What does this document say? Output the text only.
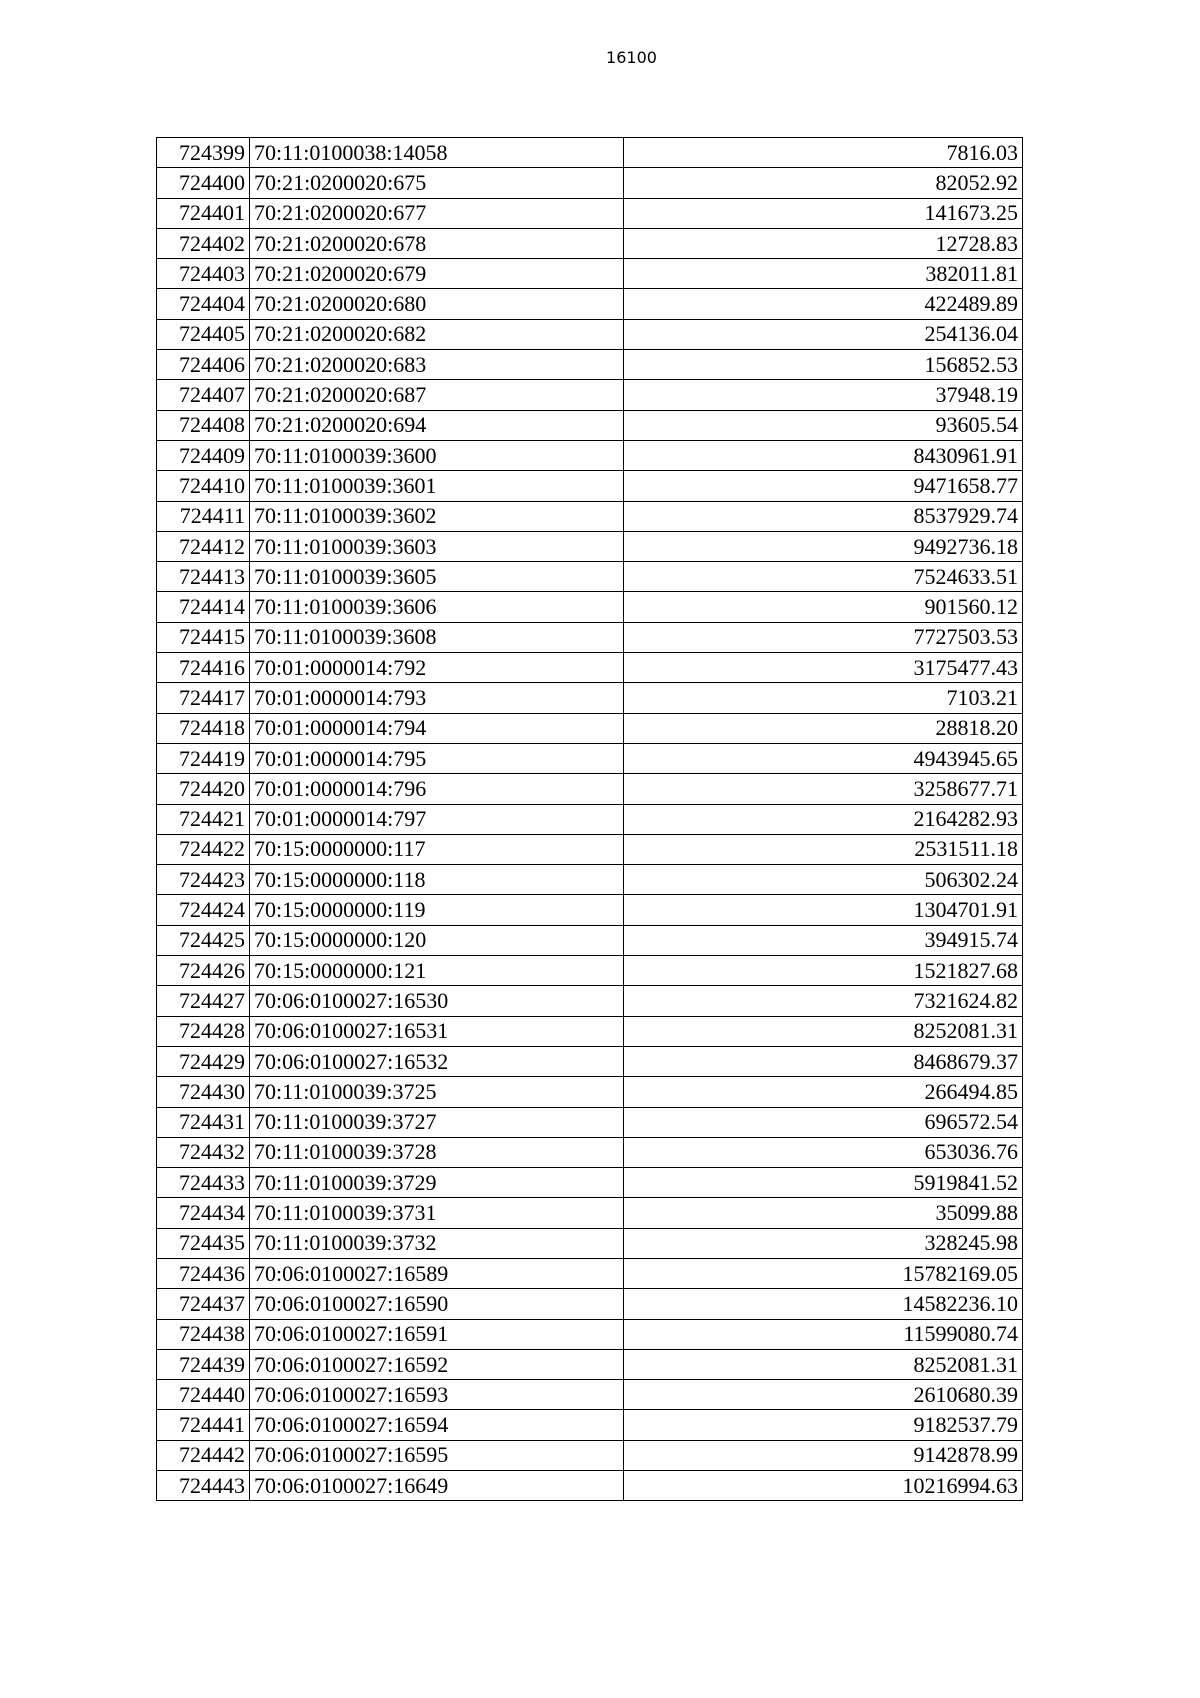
16100
724399	70:11:0100038:14058	7816.03
724400	70:21:0200020:675	82052.92
724401	70:21:0200020:677	141673.25
724402	70:21:0200020:678	12728.83
724403	70:21:0200020:679	382011.81
724404	70:21:0200020:680	422489.89
724405	70:21:0200020:682	254136.04
724406	70:21:0200020:683	156852.53
724407	70:21:0200020:687	37948.19
724408	70:21:0200020:694	93605.54
724409	70:11:0100039:3600	8430961.91
724410	70:11:0100039:3601	9471658.77
724411	70:11:0100039:3602	8537929.74
724412	70:11:0100039:3603	9492736.18
724413	70:11:0100039:3605	7524633.51
724414	70:11:0100039:3606	901560.12
724415	70:11:0100039:3608	7727503.53
724416	70:01:0000014:792	3175477.43
724417	70:01:0000014:793	7103.21
724418	70:01:0000014:794	28818.20
724419	70:01:0000014:795	4943945.65
724420	70:01:0000014:796	3258677.71
724421	70:01:0000014:797	2164282.93
724422	70:15:0000000:117	2531511.18
724423	70:15:0000000:118	506302.24
724424	70:15:0000000:119	1304701.91
724425	70:15:0000000:120	394915.74
724426	70:15:0000000:121	1521827.68
724427	70:06:0100027:16530	7321624.82
724428	70:06:0100027:16531	8252081.31
724429	70:06:0100027:16532	8468679.37
724430	70:11:0100039:3725	266494.85
724431	70:11:0100039:3727	696572.54
724432	70:11:0100039:3728	653036.76
724433	70:11:0100039:3729	5919841.52
724434	70:11:0100039:3731	35099.88
724435	70:11:0100039:3732	328245.98
724436	70:06:0100027:16589	15782169.05
724437	70:06:0100027:16590	14582236.10
724438	70:06:0100027:16591	11599080.74
724439	70:06:0100027:16592	8252081.31
724440	70:06:0100027:16593	2610680.39
724441	70:06:0100027:16594	9182537.79
724442	70:06:0100027:16595	9142878.99
724443	70:06:0100027:16649	10216994.63
